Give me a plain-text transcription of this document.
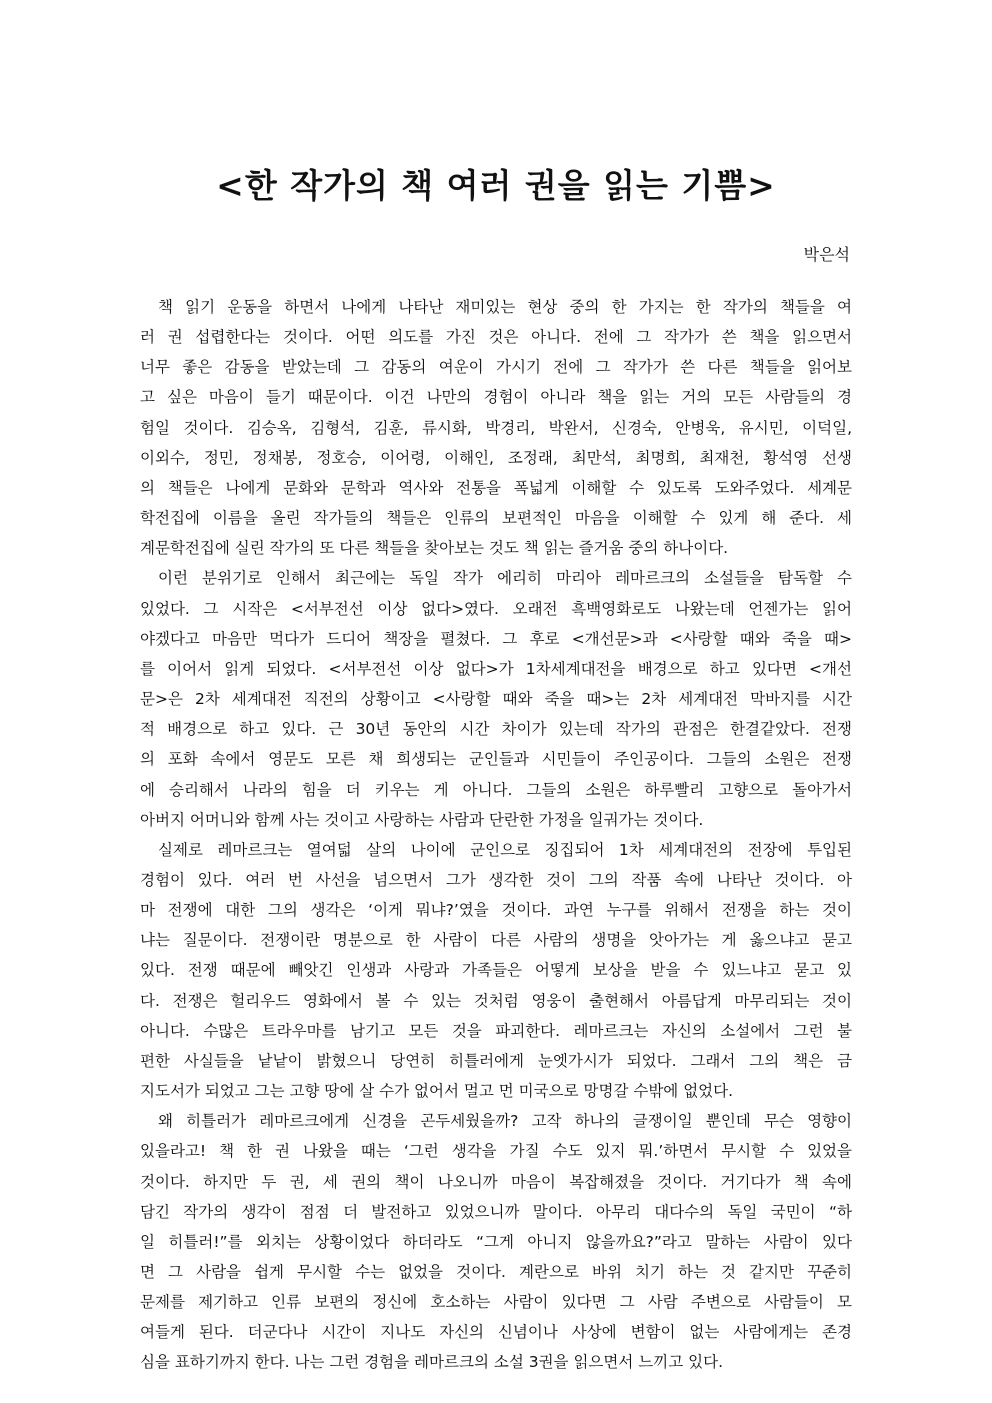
<한 작가의 책 여러 권을 읽는 기쁨>
박은석
책 읽기 운동을 하면서 나에게 나타난 재미있는 현상 중의 한 가지는 한 작가의 책들을 여
러 권 섭렵한다는 것이다. 어떤 의도를 가진 것은 아니다. 전에 그 작가가 쓴 책을 읽으면서
너무 좋은 감동을 받았는데 그 감동의 여운이 가시기 전에 그 작가가 쓴 다른 책들을 읽어보
고 싶은 마음이 들기 때문이다. 이건 나만의 경험이 아니라 책을 읽는 거의 모든 사람들의 경
험일 것이다. 김승옥, 김형석, 김훈, 류시화, 박경리, 박완서, 신경숙, 안병욱, 유시민, 이덕일,
이외수, 정민, 정채봉, 정호승, 이어령, 이해인, 조정래, 최만석, 최명희, 최재천, 황석영 선생
의 책들은 나에게 문화와 문학과 역사와 전통을 폭넓게 이해할 수 있도록 도와주었다. 세계문
학전집에 이름을 올린 작가들의 책들은 인류의 보편적인 마음을 이해할 수 있게 해 준다. 세
계문학전집에 실린 작가의 또 다른 책들을 찾아보는 것도 책 읽는 즐거움 중의 하나이다.
이런 분위기로 인해서 최근에는 독일 작가 에리히 마리아 레마르크의 소설들을 탐독할 수
있었다. 그 시작은 <서부전선 이상 없다>였다. 오래전 흑백영화로도 나왔는데 언젠가는 읽어
야겠다고 마음만 먹다가 드디어 책장을 펼쳤다. 그 후로 <개선문>과 <사랑할 때와 죽을 때>
를 이어서 읽게 되었다. <서부전선 이상 없다>가 1차세계대전을 배경으로 하고 있다면 <개선
문>은 2차 세계대전 직전의 상황이고 <사랑할 때와 죽을 때>는 2차 세계대전 막바지를 시간
적 배경으로 하고 있다. 근 30년 동안의 시간 차이가 있는데 작가의 관점은 한결같았다. 전쟁
의 포화 속에서 영문도 모른 채 희생되는 군인들과 시민들이 주인공이다. 그들의 소원은 전쟁
에 승리해서 나라의 힘을 더 키우는 게 아니다. 그들의 소원은 하루빨리 고향으로 돌아가서
아버지 어머니와 함께 사는 것이고 사랑하는 사람과 단란한 가정을 일궈가는 것이다.
실제로 레마르크는 열여덟 살의 나이에 군인으로 징집되어 1차 세계대전의 전장에 투입된
경험이 있다. 여러 번 사선을 넘으면서 그가 생각한 것이 그의 작품 속에 나타난 것이다. 아
마 전쟁에 대한 그의 생각은 ‘이게 뭐냐?’였을 것이다. 과연 누구를 위해서 전쟁을 하는 것이
냐는 질문이다. 전쟁이란 명분으로 한 사람이 다른 사람의 생명을 앗아가는 게 옳으냐고 묻고
있다. 전쟁 때문에 빼앗긴 인생과 사랑과 가족들은 어떻게 보상을 받을 수 있느냐고 묻고 있
다. 전쟁은 헐리우드 영화에서 볼 수 있는 것처럼 영웅이 출현해서 아름답게 마무리되는 것이
아니다. 수많은 트라우마를 남기고 모든 것을 파괴한다. 레마르크는 자신의 소설에서 그런 불
편한 사실들을 낱낱이 밝혔으니 당연히 히틀러에게 눈엣가시가 되었다. 그래서 그의 책은 금
지도서가 되었고 그는 고향 땅에 살 수가 없어서 멀고 먼 미국으로 망명갈 수밖에 없었다.
왜 히틀러가 레마르크에게 신경을 곤두세웠을까? 고작 하나의 글쟁이일 뿐인데 무슨 영향이
있을라고! 책 한 권 나왔을 때는 ‘그런 생각을 가질 수도 있지 뭐.’하면서 무시할 수 있었을
것이다. 하지만 두 권, 세 권의 책이 나오니까 마음이 복잡해졌을 것이다. 거기다가 책 속에
담긴 작가의 생각이 점점 더 발전하고 있었으니까 말이다. 아무리 대다수의 독일 국민이 “하
일 히틀러!”를 외치는 상황이었다 하더라도 “그게 아니지 않을까요?”라고 말하는 사람이 있다
면 그 사람을 쉽게 무시할 수는 없었을 것이다. 계란으로 바위 치기 하는 것 같지만 꾸준히
문제를 제기하고 인류 보편의 정신에 호소하는 사람이 있다면 그 사람 주변으로 사람들이 모
여들게 된다. 더군다나 시간이 지나도 자신의 신념이나 사상에 변함이 없는 사람에게는 존경
심을 표하기까지 한다. 나는 그런 경험을 레마르크의 소설 3권을 읽으면서 느끼고 있다.
